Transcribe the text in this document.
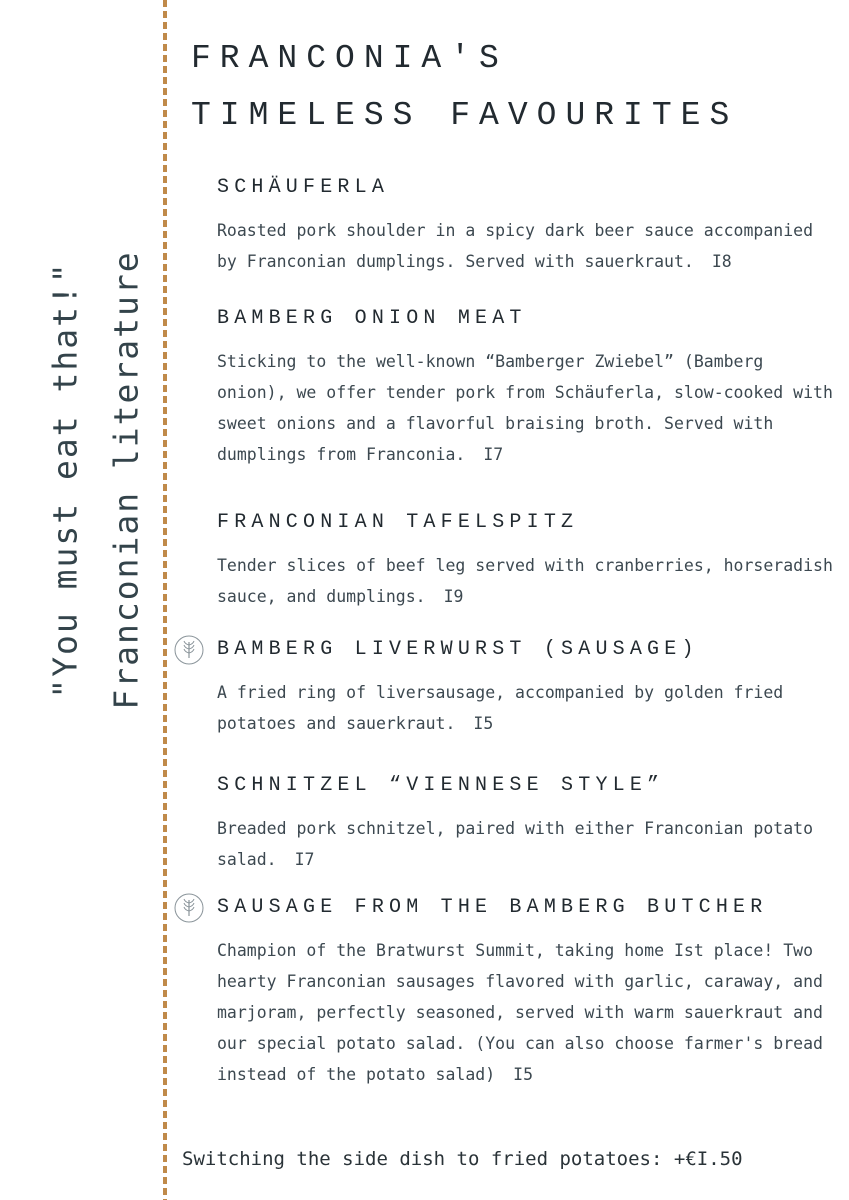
"You must eat that!" Franconian literature
FRANCONIA'S
TIMELESS FAVOURITES
SCHÄUFERLA
Roasted pork shoulder in a spicy dark beer sauce accompanied by Franconian dumplings. Served with sauerkraut. I8
BAMBERG ONION MEAT
Sticking to the well-known “Bamberger Zwiebel” (Bamberg onion), we offer tender pork from Schäuferla, slow-cooked with sweet onions and a flavorful braising broth. Served with dumplings from Franconia. I7
FRANCONIAN TAFELSPITZ
Tender slices of beef leg served with cranberries, horseradish sauce, and dumplings. I9
BAMBERG LIVERWURST (SAUSAGE)
A fried ring of liversausage, accompanied by golden fried potatoes and sauerkraut. I5
SCHNITZEL “VIENNESE STYLE”
Breaded pork schnitzel, paired with either Franconian potato salad. I7
SAUSAGE FROM THE BAMBERG BUTCHER
Champion of the Bratwurst Summit, taking home Ist place! Two hearty Franconian sausages flavored with garlic, caraway, and marjoram, perfectly seasoned, served with warm sauerkraut and our special potato salad. (You can also choose farmer's bread instead of the potato salad) I5
Switching the side dish to fried potatoes: +€I.50
